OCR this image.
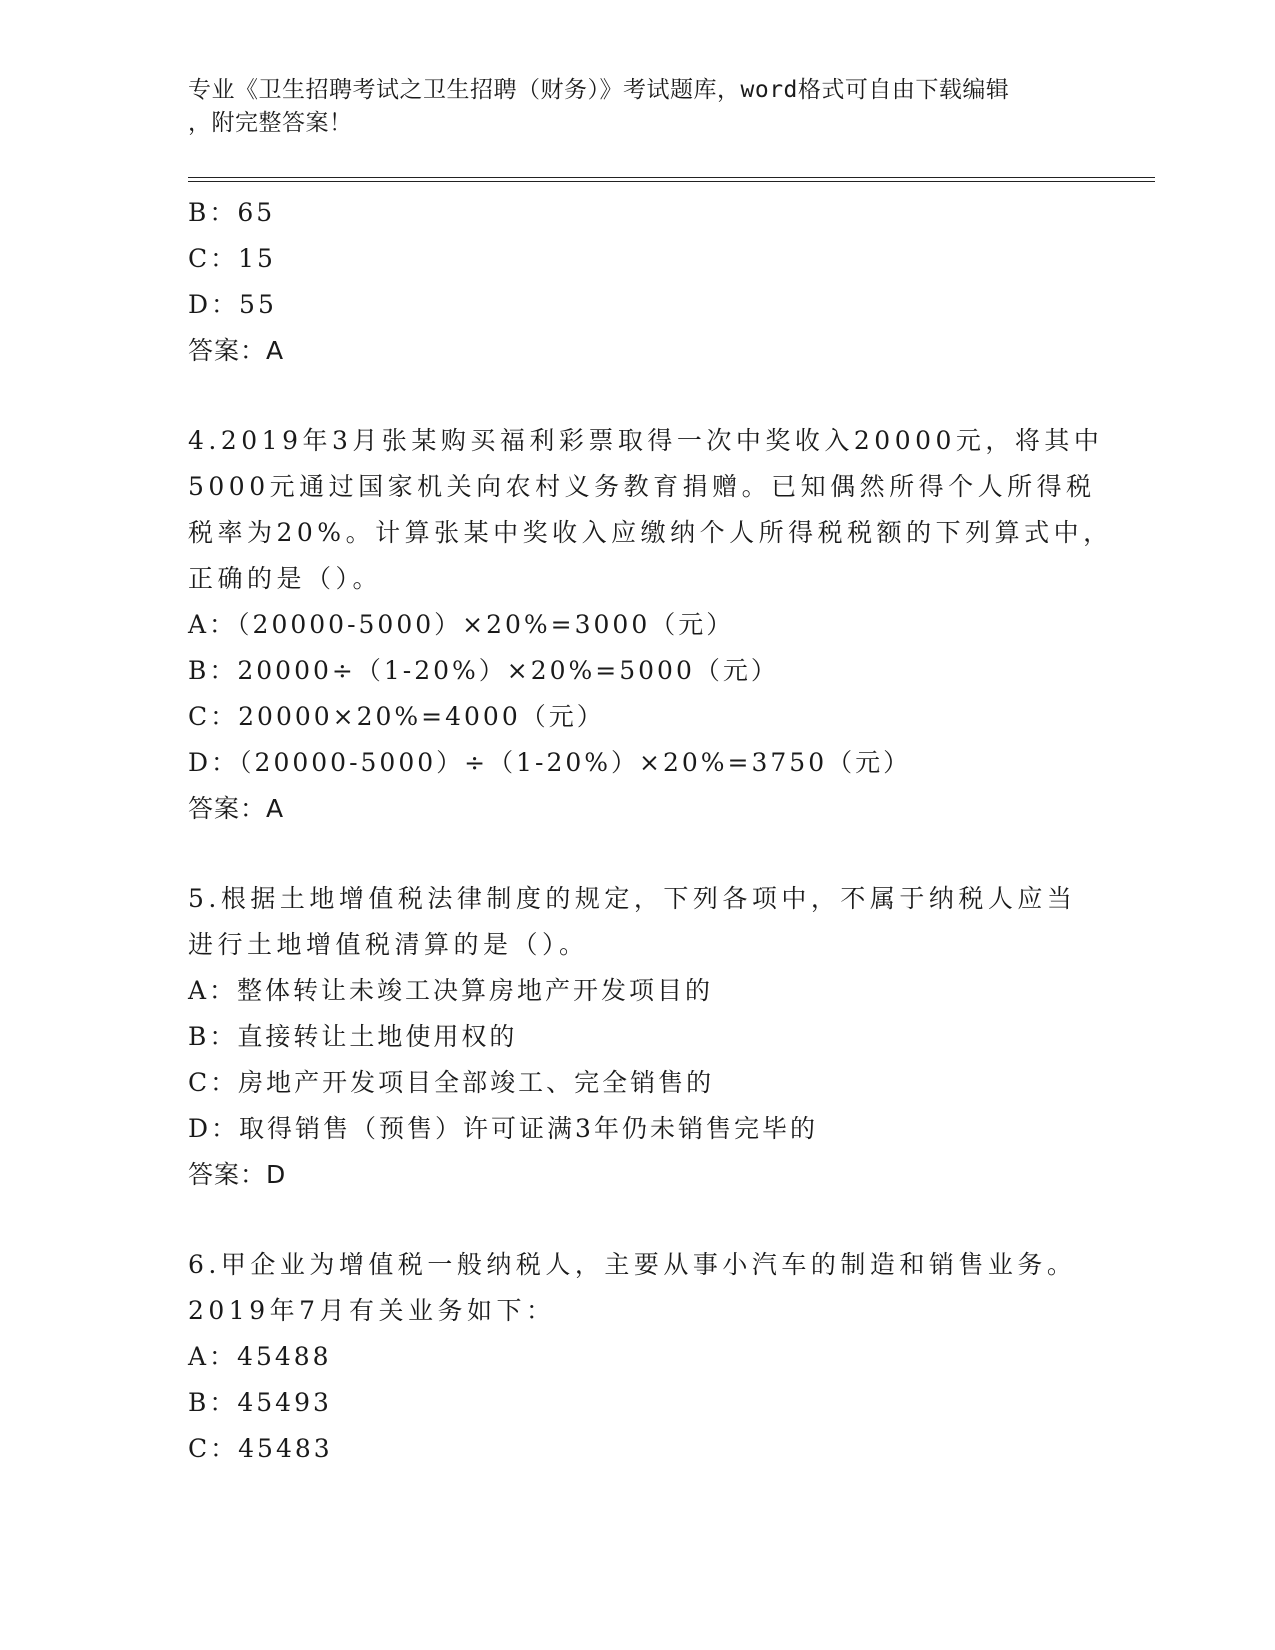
专业《卫生招聘考试之卫生招聘（财务）》考试题库，word格式可自由下载编辑
，附完整答案！
B：65
C：15
D：55
答案：A
4.2019年3月张某购买福利彩票取得一次中奖收入20000元，将其中
5000元通过国家机关向农村义务教育捐赠。已知偶然所得个人所得税
税率为20%。计算张某中奖收入应缴纳个人所得税税额的下列算式中，
正确的是（）。
A：（20000-5000）×20%=3000（元）
B：20000÷（1-20%）×20%=5000（元）
C：20000×20%=4000（元）
D：（20000-5000）÷（1-20%）×20%=3750（元）
答案：A
5.根据土地增值税法律制度的规定，下列各项中，不属于纳税人应当
进行土地增值税清算的是（）。
A：整体转让未竣工决算房地产开发项目的
B：直接转让土地使用权的
C：房地产开发项目全部竣工、完全销售的
D：取得销售（预售）许可证满3年仍未销售完毕的
答案：D
6.甲企业为增值税一般纳税人，主要从事小汽车的制造和销售业务。
2019年7月有关业务如下：
A：45488
B：45493
C：45483
